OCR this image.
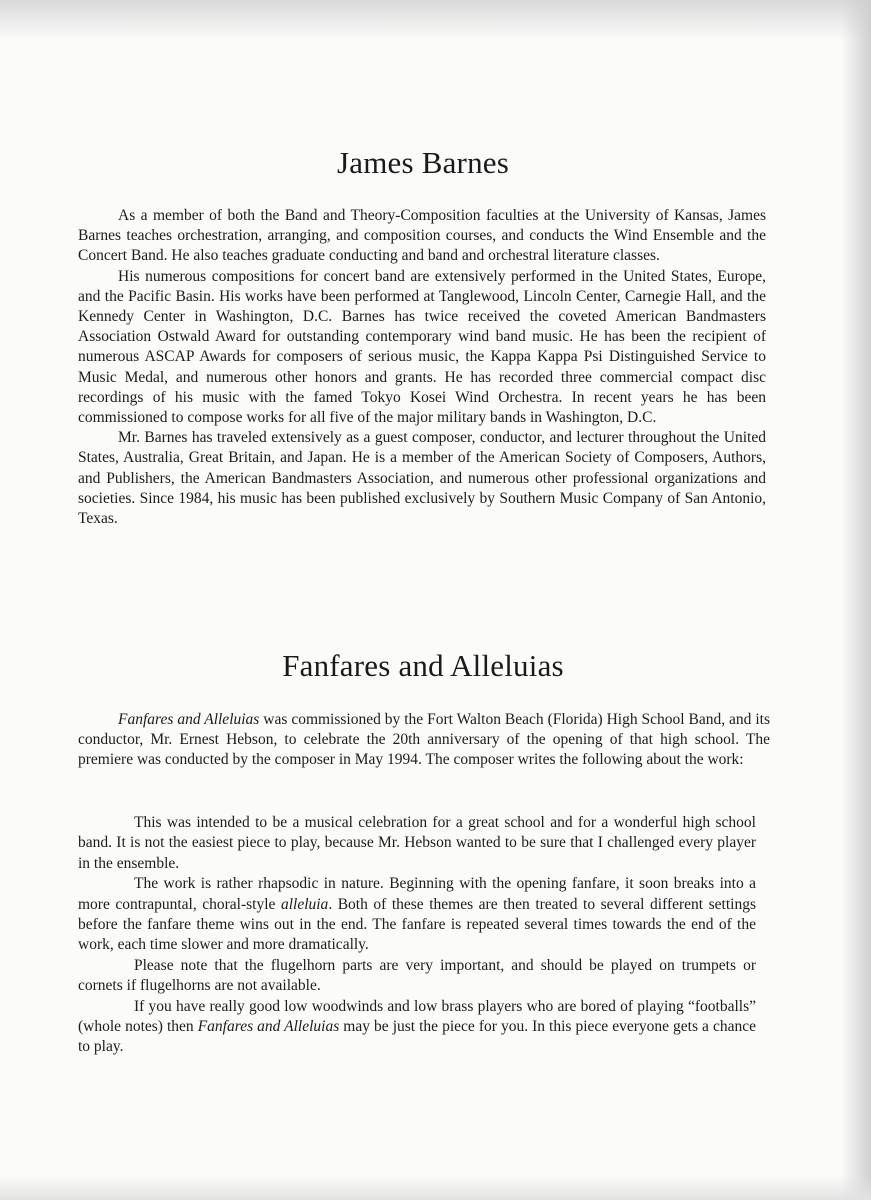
James Barnes

As a member of both the Band and Theory-Composition faculties at the University of Kansas, James Barnes teaches orchestration, arranging, and composition courses, and conducts the Wind Ensemble and the Concert Band. He also teaches graduate conducting and band and orchestral literature classes.

His numerous compositions for concert band are extensively performed in the United States, Europe, and the Pacific Basin. His works have been performed at Tanglewood, Lincoln Center, Carnegie Hall, and the Kennedy Center in Washington, D.C. Barnes has twice received the coveted American Bandmasters Association Ostwald Award for outstanding contemporary wind band music. He has been the recipient of numerous ASCAP Awards for composers of serious music, the Kappa Kappa Psi Distinguished Service to Music Medal, and numerous other honors and grants. He has recorded three commercial compact disc recordings of his music with the famed Tokyo Kosei Wind Orchestra. In recent years he has been commissioned to compose works for all five of the major military bands in Washington, D.C.

Mr. Barnes has traveled extensively as a guest composer, conductor, and lecturer throughout the United States, Australia, Great Britain, and Japan. He is a member of the American Society of Composers, Authors, and Publishers, the American Bandmasters Association, and numerous other professional organizations and societies. Since 1984, his music has been published exclusively by Southern Music Company of San Antonio, Texas.

Fanfares and Alleluias

Fanfares and Alleluias was commissioned by the Fort Walton Beach (Florida) High School Band, and its conductor, Mr. Ernest Hebson, to celebrate the 20th anniversary of the opening of that high school. The premiere was conducted by the composer in May 1994. The composer writes the following about the work:

This was intended to be a musical celebration for a great school and for a wonderful high school band. It is not the easiest piece to play, because Mr. Hebson wanted to be sure that I challenged every player in the ensemble.

The work is rather rhapsodic in nature. Beginning with the opening fanfare, it soon breaks into a more contrapuntal, choral-style alleluia. Both of these themes are then treated to several different settings before the fanfare theme wins out in the end. The fanfare is repeated several times towards the end of the work, each time slower and more dramatically.

Please note that the flugelhorn parts are very important, and should be played on trumpets or cornets if flugelhorns are not available.

If you have really good low woodwinds and low brass players who are bored of playing “footballs” (whole notes) then Fanfares and Alleluias may be just the piece for you. In this piece everyone gets a chance to play.
